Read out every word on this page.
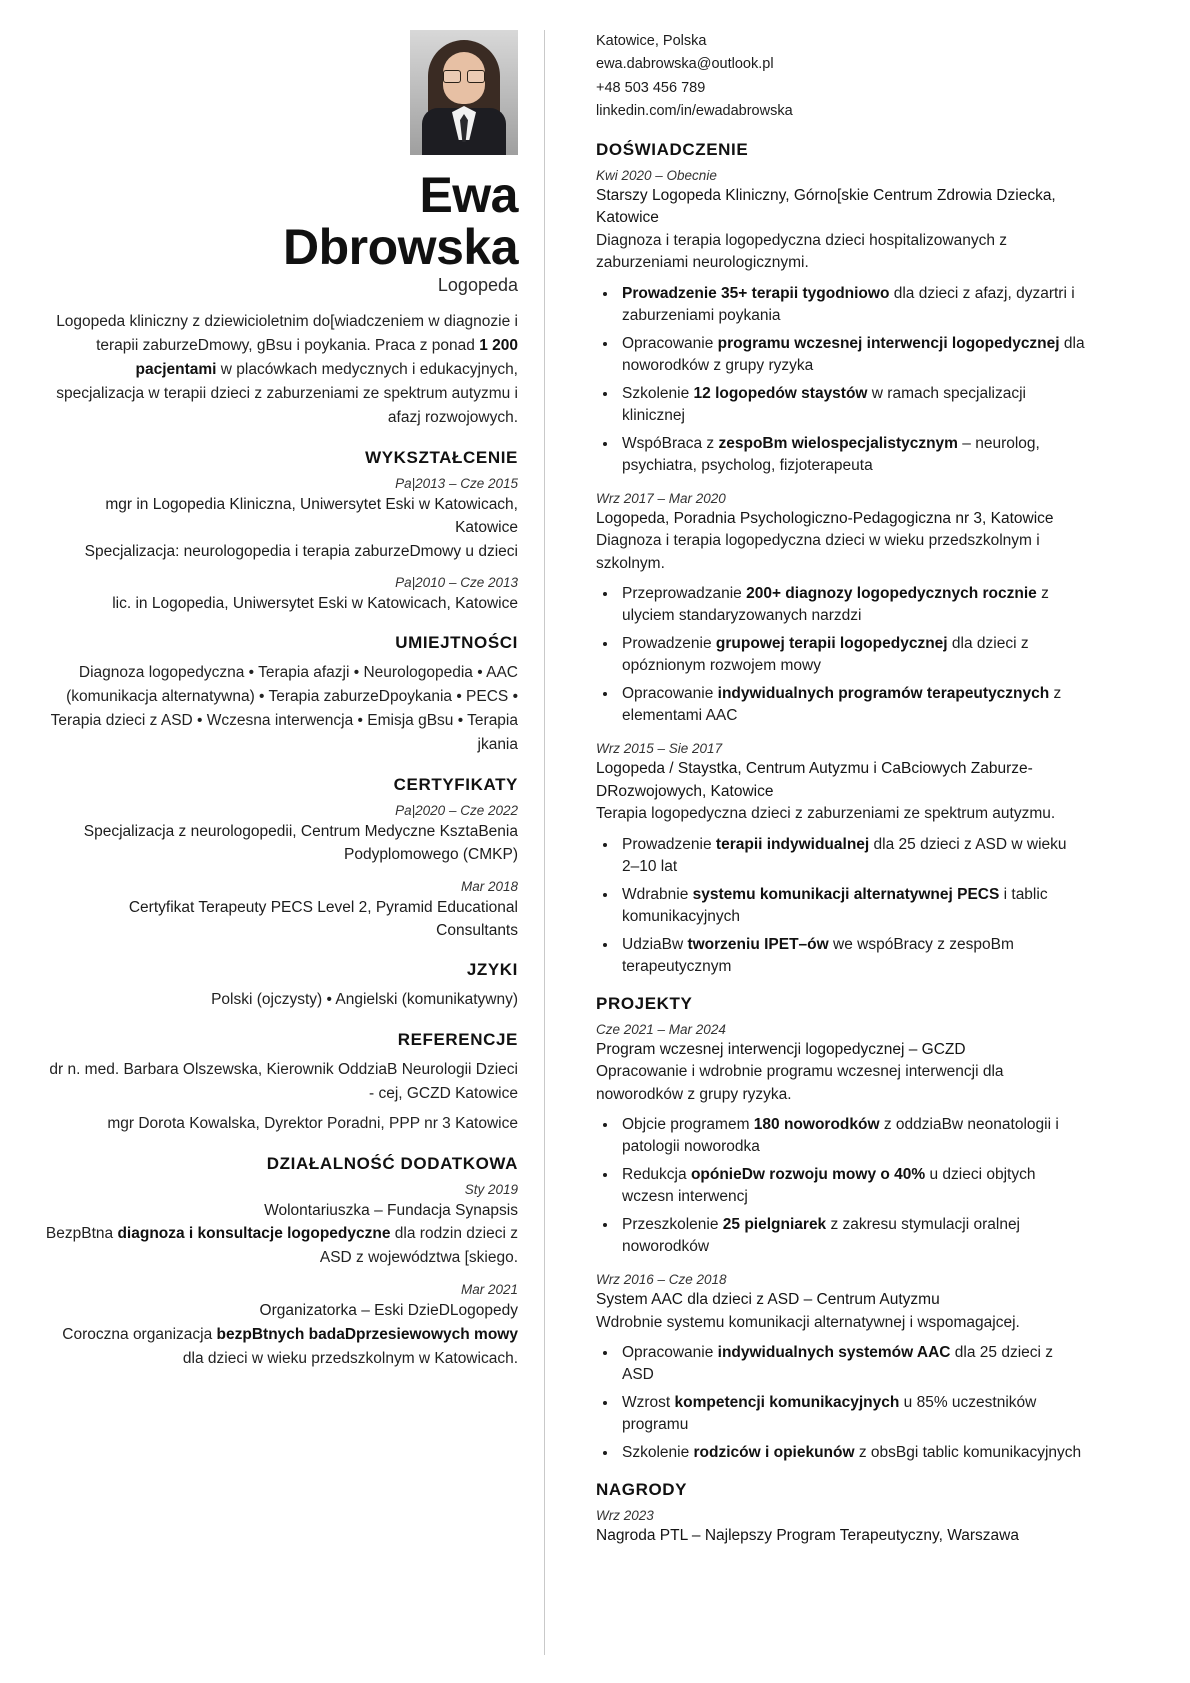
Ewa
Dbrowska
Logopeda
Logopeda kliniczny z dziewicioletnim do[wiadczeniem w diagnozie i terapii zaburzeDmowy, gBsu i poykania. Praca z ponad 1 200 pacjentami w placówkach medycznych i edukacyjnych, specjalizacja w terapii dzieci z zaburzeniami ze spektrum autyzmu i afazj rozwojowych.
WYKSZTAŁCENIE
Pa|2013 – Cze 2015
mgr in Logopedia Kliniczna, Uniwersytet Eski w Katowicach, Katowice
Specjalizacja: neurologopedia i terapia zaburzeDmowy u dzieci
Pa|2010 – Cze 2013
lic. in Logopedia, Uniwersytet Eski w Katowicach, Katowice
UMIEJTNOŚCI
Diagnoza logopedyczna • Terapia afazji • Neurologopedia • AAC (komunikacja alternatywna) • Terapia zaburzeDpoykania • PECS • Terapia dzieci z ASD • Wczesna interwencja • Emisja gBsu • Terapia jkania
CERTYFIKATY
Pa|2020 – Cze 2022
Specjalizacja z neurologopedii, Centrum Medyczne KsztaBenia Podyplomowego (CMKP)
Mar 2018
Certyfikat Terapeuty PECS Level 2, Pyramid Educational Consultants
JZYKI
Polski (ojczysty) • Angielski (komunikatywny)
REFERENCJE
dr n. med. Barbara Olszewska, Kierownik OddziaB Neurologii Dzieci - cej, GCZD Katowice
mgr Dorota Kowalska, Dyrektor Poradni, PPP nr 3 Katowice
DZIAŁALNOŚĆ DODATKOWA
Sty 2019
Wolontariuszka – Fundacja Synapsis
BezpBtna diagnoza i konsultacje logopedyczne dla rodzin dzieci z ASD z województwa [skiego.
Mar 2021
Organizatorka – Eski DzieDLogopedy
Coroczna organizacja bezpBtnych badaDprzesiewowych mowy dla dzieci w wieku przedszkolnym w Katowicach.
Katowice, Polska
ewa.dabrowska@outlook.pl
+48 503 456 789
linkedin.com/in/ewadabrowska
DOŚWIADCZENIE
Kwi 2020 – Obecnie
Starszy Logopeda Kliniczny, Górno[skie Centrum Zdrowia Dziecka, Katowice
Diagnoza i terapia logopedyczna dzieci hospitalizowanych z zaburzeniami neurologicznymi.
• Prowadzenie 35+ terapii tygodniowo dla dzieci z afazj, dyzartri i zaburzeniami poykania
• Opracowanie programu wczesnej interwencji logopedycznej dla noworodków z grupy ryzyka
• Szkolenie 12 logopedów staystów w ramach specjalizacji klinicznej
• WspóBraca z zespoBm wielospecjalistycznym – neurolog, psychiatra, psycholog, fizjoterapeuta
Wrz 2017 – Mar 2020
Logopeda, Poradnia Psychologiczno-Pedagogiczna nr 3, Katowice
Diagnoza i terapia logopedyczna dzieci w wieku przedszkolnym i szkolnym.
• Przeprowadzanie 200+ diagnozy logopedycznych rocznie z ulyciem standaryzowanych narzdzi
• Prowadzenie grupowej terapii logopedycznej dla dzieci z opóznionym rozwojem mowy
• Opracowanie indywidualnych programów terapeutycznych z elementami AAC
Wrz 2015 – Sie 2017
Logopeda / Staystka, Centrum Autyzmu i CaBciowych Zaburze-
DRozwojowych, Katowice
Terapia logopedyczna dzieci z zaburzeniami ze spektrum autyzmu.
• Prowadzenie terapii indywidualnej dla 25 dzieci z ASD w wieku 2–10 lat
• Wdrabnie systemu komunikacji alternatywnej PECS i tablic komunikacyjnych
• UdziaBw tworzeniu IPET–ów we wspóBracy z zespoBm terapeutycznym
PROJEKTY
Cze 2021 – Mar 2024
Program wczesnej interwencji logopedycznej – GCZD
Opracowanie i wdrobnie programu wczesnej interwencji dla noworodków z grupy ryzyka.
• Objcie programem 180 noworodków z oddziaBw neonatologii i patologii noworodka
• Redukcja opónieDw rozwoju mowy o 40% u dzieci objtych wczesn interwencj
• Przeszkolenie 25 pielgniarek z zakresu stymulacji oralnej noworodków
Wrz 2016 – Cze 2018
System AAC dla dzieci z ASD – Centrum Autyzmu
Wdrobnie systemu komunikacji alternatywnej i wspomagajcej.
• Opracowanie indywidualnych systemów AAC dla 25 dzieci z ASD
• Wzrost kompetencji komunikacyjnych u 85% uczestników programu
• Szkolenie rodziców i opiekunów z obsBgi tablic komunikacyjnych
NAGRODY
Wrz 2023
Nagroda PTL – Najlepszy Program Terapeutyczny, Warszawa
